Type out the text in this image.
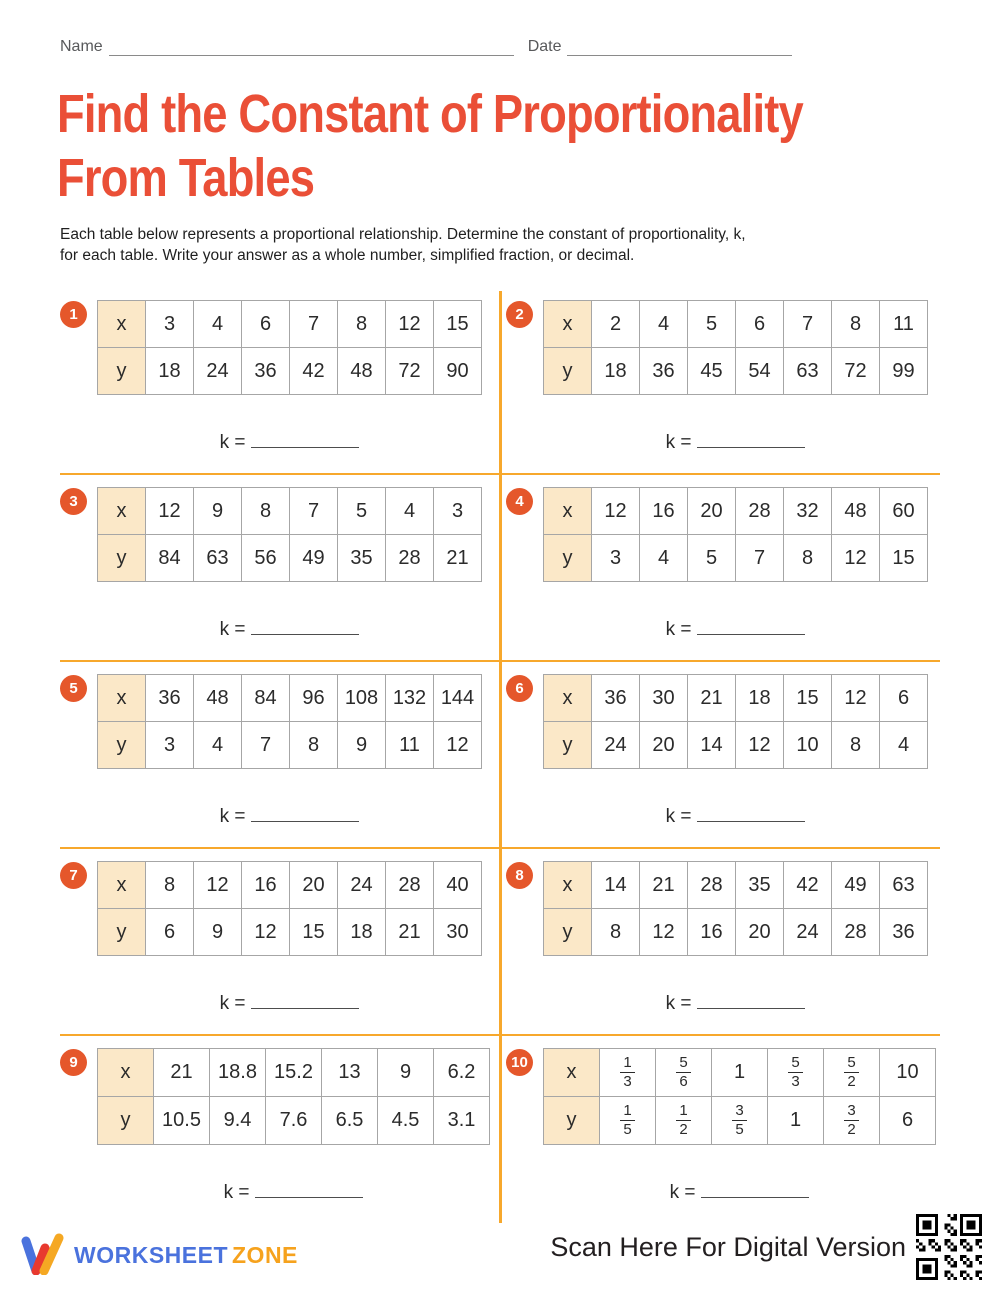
Name	Date
Find the Constant of Proportionality
From Tables
Each table below represents a proportional relationship. Determine the constant of proportionality, k,
for each table. Write your answer as a whole number, simplified fraction, or decimal.
1	x	3	4	6	7	8	12	15
y	18	24	36	42	48	72	90
k =
2	x	2	4	5	6	7	8	11
y	18	36	45	54	63	72	99
k =
3	x	12	9	8	7	5	4	3
y	84	63	56	49	35	28	21
k =
4	x	12	16	20	28	32	48	60
y	3	4	5	7	8	12	15
k =
5	x	36	48	84	96	108	132	144
y	3	4	7	8	9	11	12
k =
6	x	36	30	21	18	15	12	6
y	24	20	14	12	10	8	4
k =
7	x	8	12	16	20	24	28	40
y	6	9	12	15	18	21	30
k =
8	x	14	21	28	35	42	49	63
y	8	12	16	20	24	28	36
k =
9	x	21	18.8	15.2	13	9	6.2
y	10.5	9.4	7.6	6.5	4.5	3.1
k =
10 x	$\frac{1}{3}$	$\frac{5}{6}$	1	$\frac{5}{3}$	$\frac{5}{2}$	10
y	$\frac{1}{5}$	$\frac{1}{2}$	$\frac{3}{5}$	1	$\frac{3}{2}$	6
k =
WORKSHEET ZONE	Scan Here For Digital Version
